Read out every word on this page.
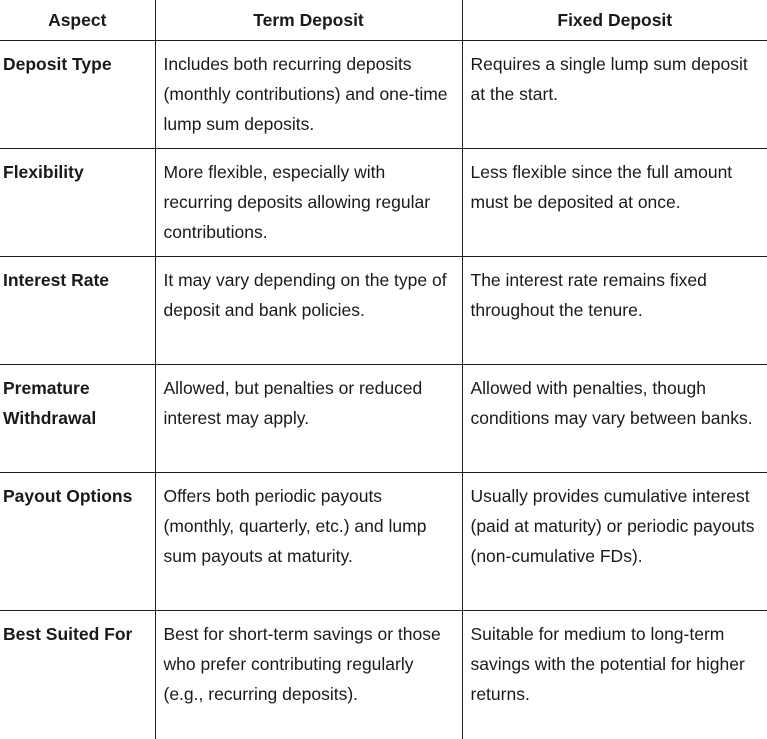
Aspect	Term Deposit	Fixed Deposit
Deposit Type	Includes both recurring deposits (monthly contributions) and one-time lump sum deposits.	Requires a single lump sum deposit at the start.
Flexibility	More flexible, especially with recurring deposits allowing regular contributions.	Less flexible since the full amount must be deposited at once.
Interest Rate	It may vary depending on the type of deposit and bank policies.	The interest rate remains fixed throughout the tenure.
Premature Withdrawal	Allowed, but penalties or reduced interest may apply.	Allowed with penalties, though conditions may vary between banks.
Payout Options	Offers both periodic payouts (monthly, quarterly, etc.) and lump sum payouts at maturity.	Usually provides cumulative interest (paid at maturity) or periodic payouts (non-cumulative FDs).
Best Suited For	Best for short-term savings or those who prefer contributing regularly (e.g., recurring deposits).	Suitable for medium to long-term savings with the potential for higher returns.
